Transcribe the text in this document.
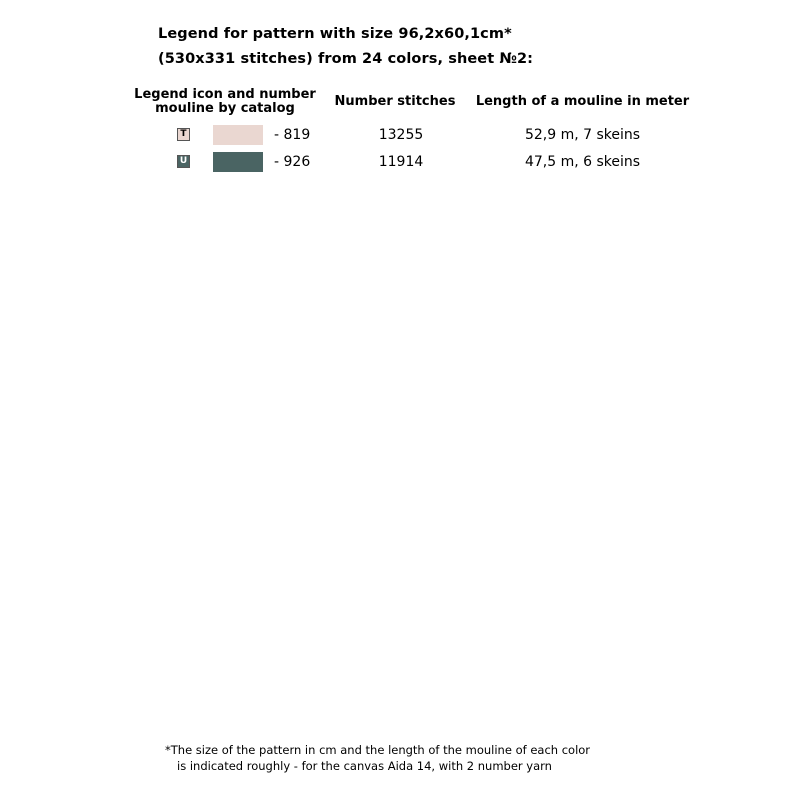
Legend for pattern with size 96,2x60,1cm*
(530x331 stitches) from 24 colors, sheet №2:
Legend icon and number
mouline by catalog	Number stitches	Length of a mouline in meter
T	- 819	13255	52,9 m, 7 skeins
U	- 926	11914	47,5 m, 6 skeins
*The size of the pattern in cm and the length of the mouline of each color
is indicated roughly - for the canvas Aida 14, with 2 number yarn
